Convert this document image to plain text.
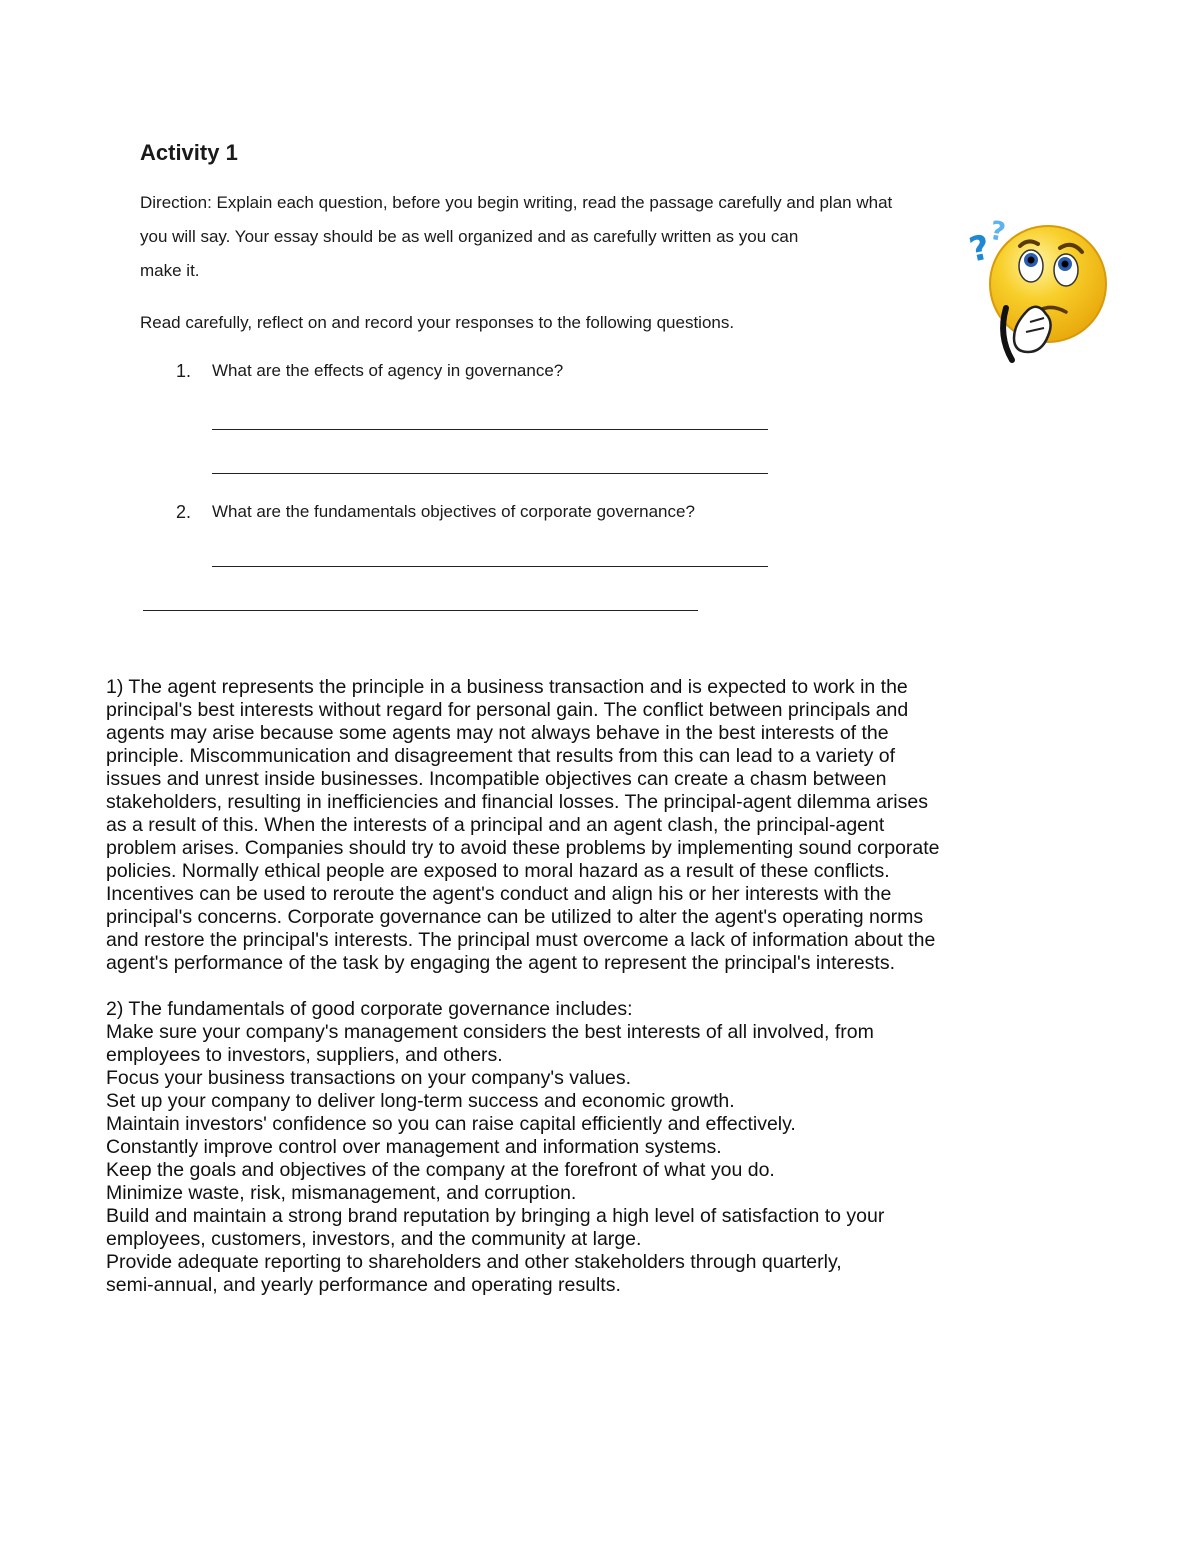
Activity 1
Direction: Explain each question, before you begin writing, read the passage carefully and plan what
you will say. Your essay should be as well organized and as carefully written as you can
make it.
Read carefully, reflect on and record your responses to the following questions.
1. What are the effects of agency in governance?
2. What are the fundamentals objectives of corporate governance?
1) The agent represents the principle in a business transaction and is expected to work in the
principal's best interests without regard for personal gain. The conflict between principals and
agents may arise because some agents may not always behave in the best interests of the
principle. Miscommunication and disagreement that results from this can lead to a variety of
issues and unrest inside businesses. Incompatible objectives can create a chasm between
stakeholders, resulting in inefficiencies and financial losses. The principal-agent dilemma arises
as a result of this. When the interests of a principal and an agent clash, the principal-agent
problem arises. Companies should try to avoid these problems by implementing sound corporate
policies. Normally ethical people are exposed to moral hazard as a result of these conflicts.
Incentives can be used to reroute the agent's conduct and align his or her interests with the
principal's concerns. Corporate governance can be utilized to alter the agent's operating norms
and restore the principal's interests. The principal must overcome a lack of information about the
agent's performance of the task by engaging the agent to represent the principal's interests.
2) The fundamentals of good corporate governance includes:
Make sure your company's management considers the best interests of all involved, from
employees to investors, suppliers, and others.
Focus your business transactions on your company's values.
Set up your company to deliver long-term success and economic growth.
Maintain investors' confidence so you can raise capital efficiently and effectively.
Constantly improve control over management and information systems.
Keep the goals and objectives of the company at the forefront of what you do.
Minimize waste, risk, mismanagement, and corruption.
Build and maintain a strong brand reputation by bringing a high level of satisfaction to your
employees, customers, investors, and the community at large.
Provide adequate reporting to shareholders and other stakeholders through quarterly,
semi-annual, and yearly performance and operating results.
?
?
